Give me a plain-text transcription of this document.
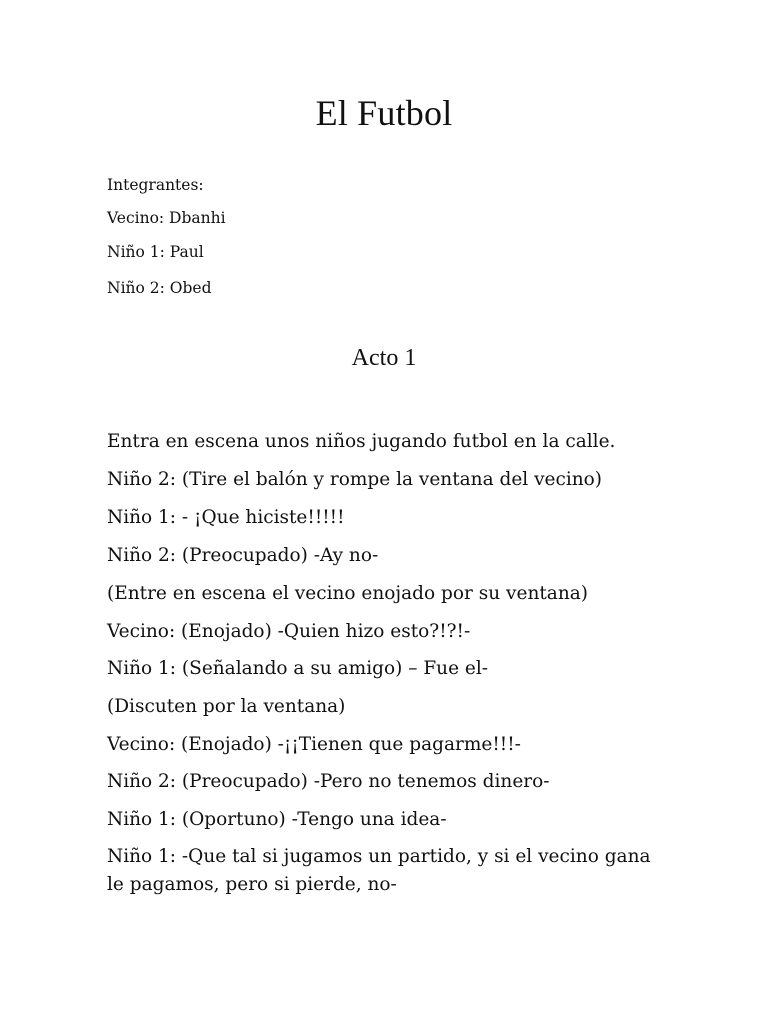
El Futbol
Integrantes:
Vecino: Dbanhi
Niño 1: Paul
Niño 2: Obed
Acto 1
Entra en escena unos niños jugando futbol en la calle.
Niño 2: (Tire el balón y rompe la ventana del vecino)
Niño 1: - ¡Que hiciste!!!!!
Niño 2: (Preocupado) -Ay no-
(Entre en escena el vecino enojado por su ventana)
Vecino: (Enojado) -Quien hizo esto?!?!-
Niño 1: (Señalando a su amigo) – Fue el-
(Discuten por la ventana)
Vecino: (Enojado) -¡¡Tienen que pagarme!!!-
Niño 2: (Preocupado) -Pero no tenemos dinero-
Niño 1: (Oportuno) -Tengo una idea-
Niño 1: -Que tal si jugamos un partido, y si el vecino gana le pagamos, pero si pierde, no-
